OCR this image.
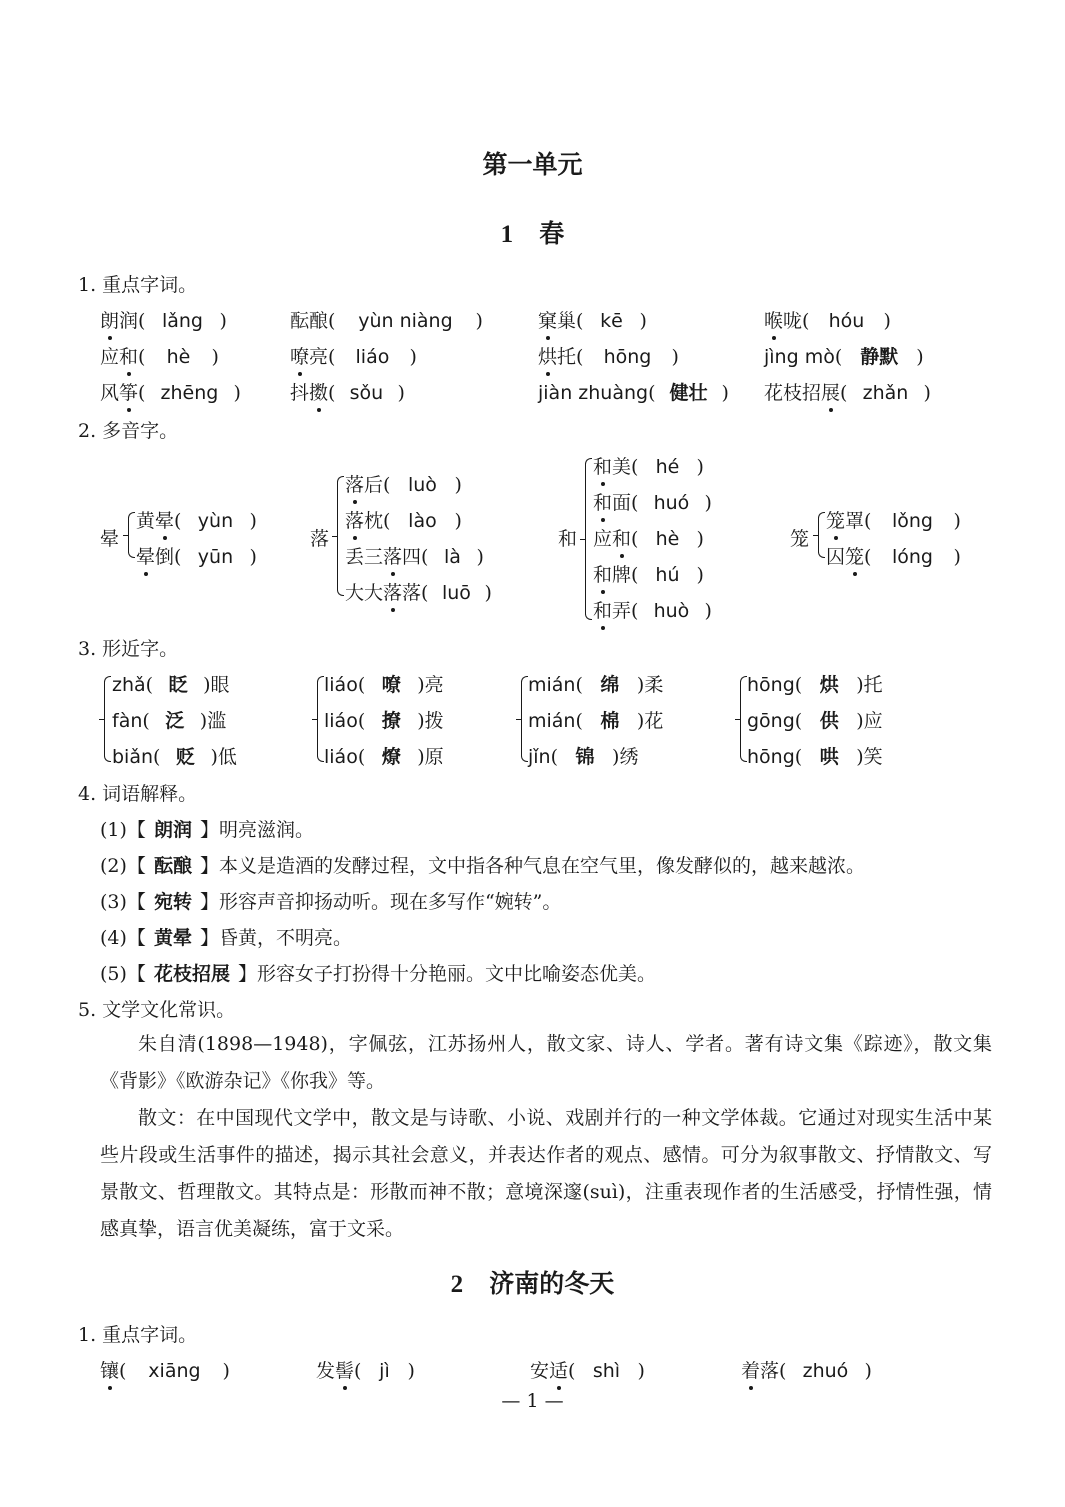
第一单元
1 春
1. 重点字词。
朗润( lǎng )	酝酿( yùn niàng )	窠巢( kē )	喉咙( hóu )
应和( hè )	嘹亮( liáo )	烘托( hōng )	jìng mò( 静默 )
风筝( zhēng )	抖擞( sǒu )	jiàn zhuàng( 健壮 ) 花枝招展( zhǎn )
2. 多音字。
晕
黄晕( yùn )
晕倒( yūn )
落
落后( luò )
落枕( lào )
丢三落四( là )
大大落落( luō )
和
和美( hé )
和面( huó )
应和( hè )
和牌( hú )
和弄( huò )
笼
笼罩( lǒng )
囚笼( lóng )
3. 形近字。
zhǎ( 眨 )眼
fàn( 泛 )滥
biǎn( 贬 )低
liáo( 嘹 )亮
liáo( 撩 )拨
liáo( 燎 )原
mián( 绵 )柔
mián( 棉 )花
jǐn( 锦 )绣
hōng( 烘 )托
gōng( 供 )应
hōng( 哄 )笑
4. 词语解释。
(1)【 朗润 】明亮滋润。
(2)【 酝酿 】本义是造酒的发酵过程，文中指各种气息在空气里，像发酵似的，越来越浓。
(3)【 宛转 】形容声音抑扬动听。现在多写作“婉转”。
(4)【 黄晕 】昏黄，不明亮。
(5)【 花枝招展 】形容女子打扮得十分艳丽。文中比喻姿态优美。
5. 文学文化常识。
朱自清(1898—1948)，字佩弦，江苏扬州人，散文家、诗人、学者。著有诗文集《踪迹》，散文集《背影》《欧游杂记》《你我》等。
散文：在中国现代文学中，散文是与诗歌、小说、戏剧并行的一种文学体裁。它通过对现实生活中某些片段或生活事件的描述，揭示其社会意义，并表达作者的观点、感情。可分为叙事散文、抒情散文、写景散文、哲理散文。其特点是：形散而神不散；意境深邃(suì)，注重表现作者的生活感受，抒情性强，情感真挚，语言优美凝练，富于文采。
2 济南的冬天
1. 重点字词。
镶( xiāng )	发髻( jì )	安适( shì )	着落( zhuó )
— 1 —
